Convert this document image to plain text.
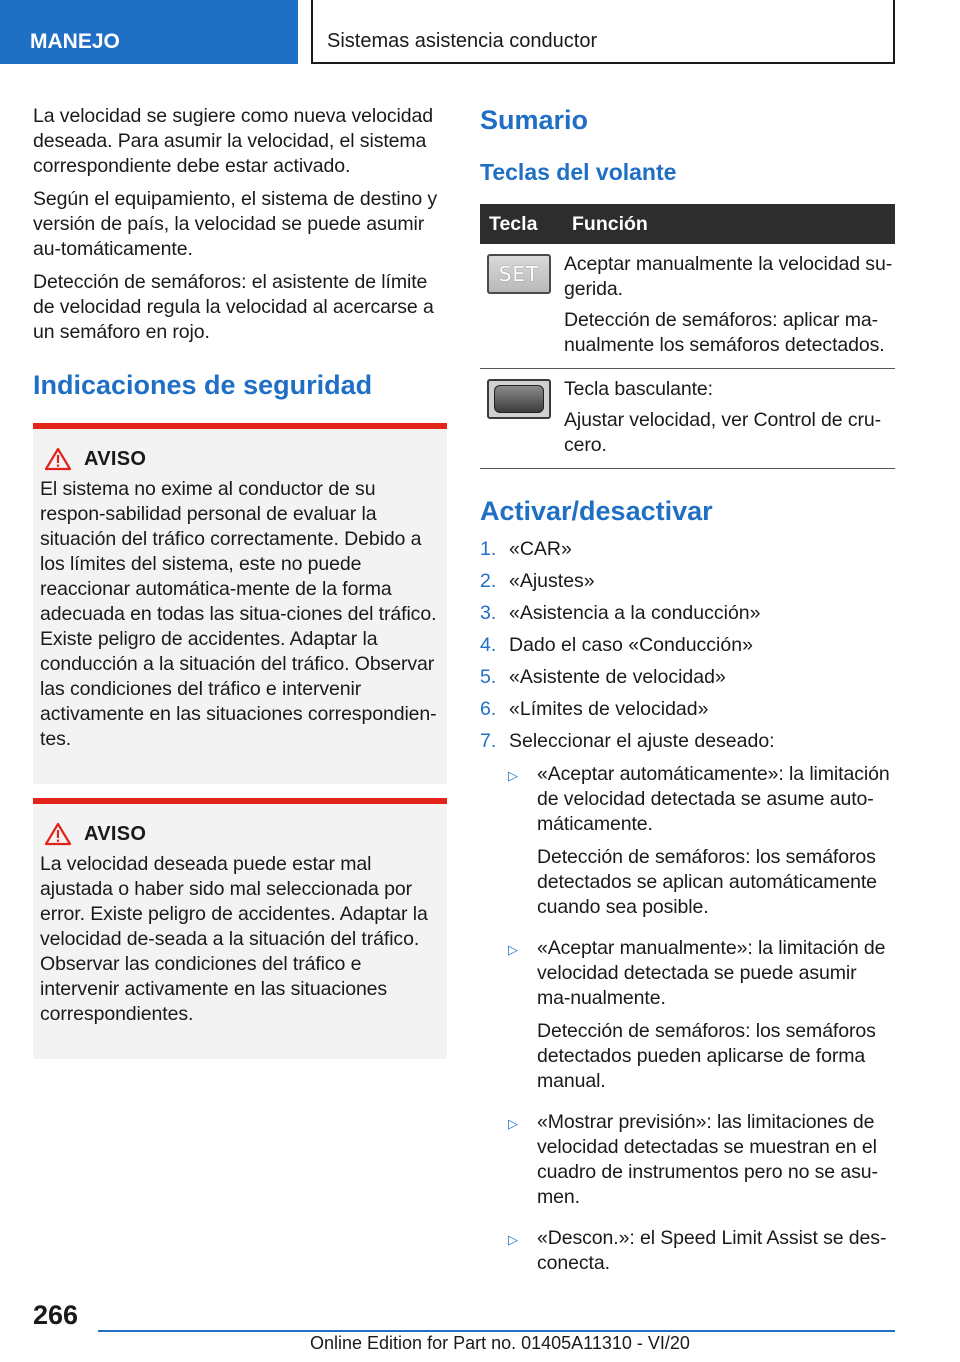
MANEJO	Sistemas asistencia conductor

La velocidad se sugiere como nueva velocidad deseada. Para asumir la velocidad, el sistema correspondiente debe estar activado.

Según el equipamiento, el sistema de destino y versión de país, la velocidad se puede asumir au-tomáticamente.

Detección de semáforos: el asistente de límite de velocidad regula la velocidad al acercarse a un semáforo en rojo.

Indicaciones de seguridad
AVISO
El sistema no exime al conductor de su respon-sabilidad personal de evaluar la situación del tráfico correctamente. Debido a los límites del sistema, este no puede reaccionar automática-mente de la forma adecuada en todas las situa-ciones del tráfico. Existe peligro de accidentes. Adaptar la conducción a la situación del tráfico. Observar las condiciones del tráfico e intervenir activamente en las situaciones correspondien-tes.
AVISO
La velocidad deseada puede estar mal ajustada o haber sido mal seleccionada por error. Existe peligro de accidentes. Adaptar la velocidad de-seada a la situación del tráfico. Observar las condiciones del tráfico e intervenir activamente en las situaciones correspondientes.
Sumario
Teclas del volante
Tecla	Función

SET	Aceptar manualmente la velocidad su-gerida.

Detección de semáforos: aplicar ma-nualmente los semáforos detectados.

	Tecla basculante:

Ajustar velocidad, ver Control de cru-cero.

Activar/desactivar
1. «CAR»
2. «Ajustes»
3. «Asistencia a la conducción»
4. Dado el caso «Conducción»
5. «Asistente de velocidad»
6. «Límites de velocidad»
7. Seleccionar el ajuste deseado:
▷ «Aceptar automáticamente»: la limitación de velocidad detectada se asume auto-máticamente.

Detección de semáforos: los semáforos detectados se aplican automáticamente cuando sea posible.

▷ «Aceptar manualmente»: la limitación de velocidad detectada se puede asumir ma-nualmente.

Detección de semáforos: los semáforos detectados pueden aplicarse de forma manual.

▷ «Mostrar previsión»: las limitaciones de velocidad detectadas se muestran en el cuadro de instrumentos pero no se asu-men.

▷ «Descon.»: el Speed Limit Assist se des-conecta.

266
Online Edition for Part no. 01405A11310 - VI/20
